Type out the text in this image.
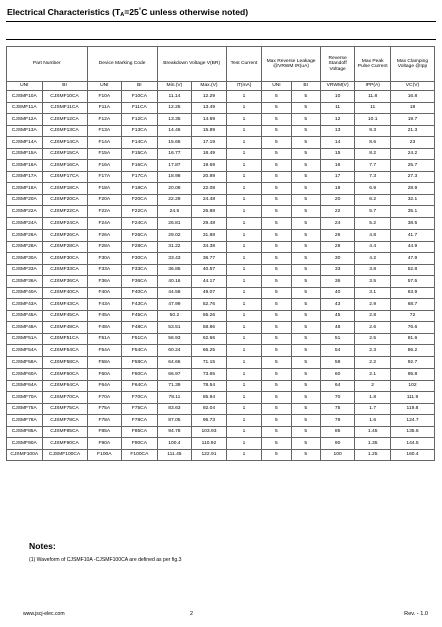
Electrical Characteristics (TA=25°C unless otherwise noted)
Part Number		Device Marking Code		Breakdown Voltage V(BR)		Test Current	Max Reverse Leakage @VRWM IR(uA)		Reverse Standoff Voltage	Max Peak Pulse Current	Max Clamping Voltage @Ipp
UNI	BI	UNI	BI	Min.(V)	Max.(V)	IT(mA)	UNI	BI	VRWM(V)	IPP(A)	VC(V)
CJSMF10A	CJSMF10CA	F10A	F10CA	11.14	12.29	1	5	5	10	11.8	16.8
CJSMF11A	CJSMF11CA	F11A	F11CA	12.25	13.49	1	5	5	11	11	18
CJSMF12A	CJSMF12CA	F12A	F12CA	13.35	14.69	1	5	5	12	10.1	19.7
CJSMF13A	CJSMF13CA	F13A	F13CA	14.46	15.89	1	5	5	13	9.3	21.3
CJSMF14A	CJSMF14CA	F14A	F14CA	15.66	17.19	1	5	5	14	8.6	23
CJSMF15A	CJSMF15CA	F15A	F15CA	16.77	18.49	1	5	5	15	8.2	24.2
CJSMF16A	CJSMF16CA	F16A	F16CA	17.87	19.69	1	5	5	16	7.7	25.7
CJSMF17A	CJSMF17CA	F17A	F17CA	18.98	20.89	1	5	5	17	7.3	27.3
CJSMF18A	CJSMF18CA	F18A	F18CA	20.08	22.08	1	5	5	18	6.9	28.9
CJSMF20A	CJSMF20CA	F20A	F20CA	22.29	24.48	1	5	5	20	6.2	32.1
CJSMF22A	CJSMF22CA	F22A	F22CA	24.5	26.88	1	5	5	22	5.7	35.1
CJSMF24A	CJSMF24CA	F24A	F24CA	26.81	29.48	1	5	5	24	5.2	38.5
CJSMF26A	CJSMF26CA	F26A	F26CA	29.02	31.88	1	5	5	26	4.8	41.7
CJSMF28A	CJSMF28CA	F28A	F28CA	31.22	34.38	1	5	5	28	4.4	44.9
CJSMF30A	CJSMF30CA	F30A	F30CA	33.43	36.77	1	5	5	30	4.2	47.9
CJSMF33A	CJSMF33CA	F33A	F33CA	36.85	40.57	1	5	5	33	3.8	52.8
CJSMF36A	CJSMF36CA	F36A	F36CA	40.16	44.17	1	5	5	36	3.5	57.5
CJSMF40A	CJSMF40CA	F40A	F40CA	44.58	49.07	1	5	5	40	3.1	63.9
CJSMF43A	CJSMF43CA	F43A	F43CA	47.99	52.76	1	5	5	43	2.9	68.7
CJSMF45A	CJSMF45CA	F45A	F45CA	50.2	55.26	1	5	5	45	2.8	72
CJSMF48A	CJSMF48CA	F48A	F48CA	53.51	58.86	1	5	5	48	2.6	76.6
CJSMF51A	CJSMF51CA	F51A	F51CA	56.93	62.66	1	5	5	51	2.5	81.6
CJSMF54A	CJSMF54CA	F54A	F54CA	60.24	66.25	1	5	5	54	2.3	86.2
CJSMF58A	CJSMF58CA	F58A	F58CA	64.66	71.15	1	5	5	58	2.2	92.7
CJSMF60A	CJSMF60CA	F60A	F60CA	66.97	73.65	1	5	5	60	2.1	95.8
CJSMF64A	CJSMF64CA	F64A	F64CA	71.39	78.54	1	5	5	64	2	102
CJSMF70A	CJSMF70CA	F70A	F70CA	78.11	85.94	1	5	5	70	1.8	111.9
CJSMF75A	CJSMF75CA	F75A	F75CA	83.63	92.04	1	5	5	75	1.7	119.8
CJSMF78A	CJSMF78CA	F78A	F78CA	87.05	95.73	1	5	5	78	1.6	124.7
CJSMF85A	CJSMF85CA	F85A	F85CA	94.78	103.93	1	5	5	85	1.45	135.6
CJSMF90A	CJSMF90CA	F90A	F90CA	100.4	110.92	1	5	5	90	1.35	144.5
CJSMF100A	CJSMF100CA	F100A	F100CA	111.45	122.91	1	5	5	100	1.25	160.4
Notes:
(1) Waveform of CJSMF10A -CJSMF100CA are defined as per fig.3
www.jscj-elec.com	2	Rev. - 1.0
